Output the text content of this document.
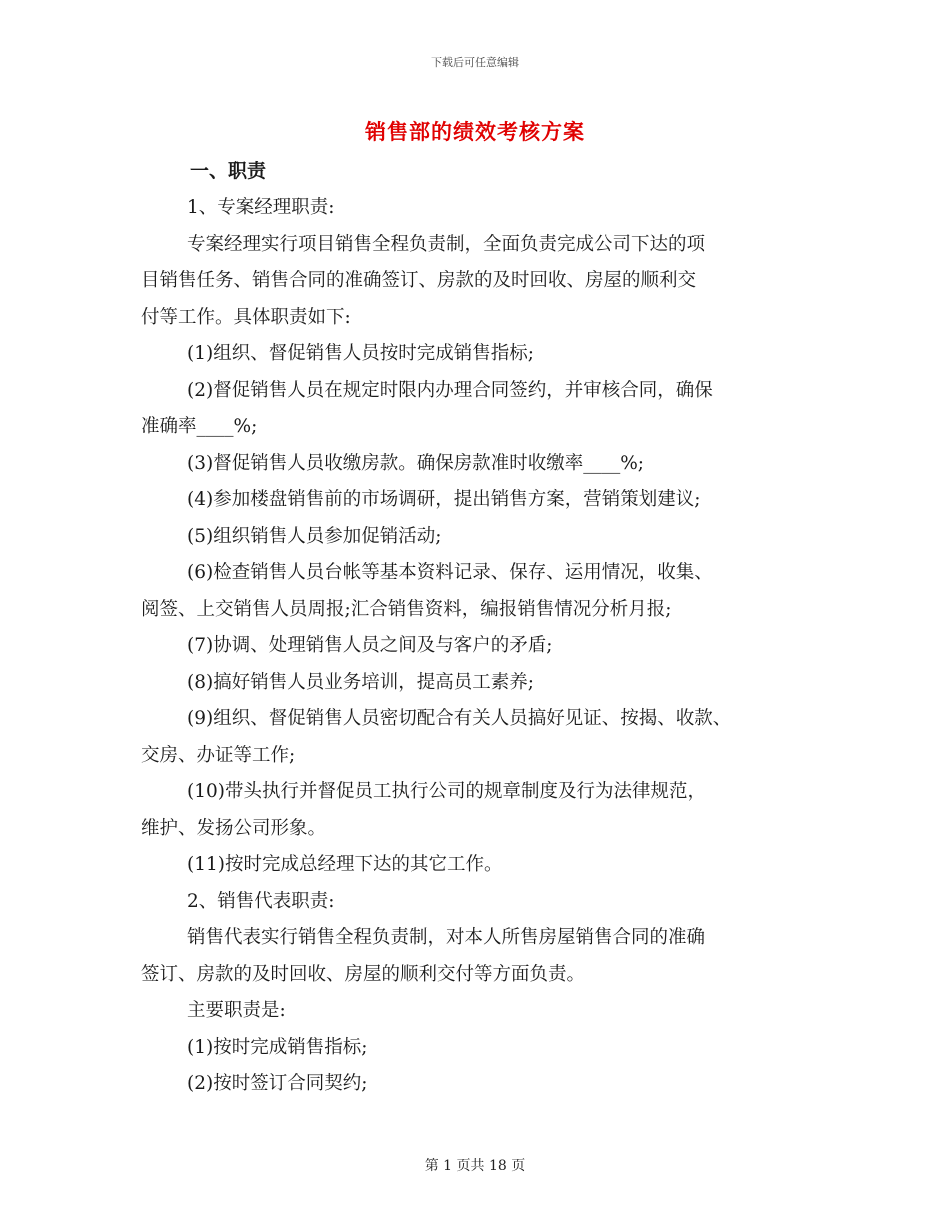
下载后可任意编辑
销售部的绩效考核方案
一、职责

1、专案经理职责:

专案经理实行项目销售全程负责制，全面负责完成公司下达的项

目销售任务、销售合同的准确签订、房款的及时回收、房屋的顺利交

付等工作。具体职责如下:

(1)组织、督促销售人员按时完成销售指标;

(2)督促销售人员在规定时限内办理合同签约，并审核合同，确保

准确率____%;

(3)督促销售人员收缴房款。确保房款准时收缴率____%;

(4)参加楼盘销售前的市场调研，提出销售方案，营销策划建议;

(5)组织销售人员参加促销活动;

(6)检查销售人员台帐等基本资料记录、保存、运用情况，收集、

阅签、上交销售人员周报;汇合销售资料，编报销售情况分析月报;

(7)协调、处理销售人员之间及与客户的矛盾;

(8)搞好销售人员业务培训，提高员工素养;

(9)组织、督促销售人员密切配合有关人员搞好见证、按揭、收款、

交房、办证等工作;

(10)带头执行并督促员工执行公司的规章制度及行为法律规范，

维护、发扬公司形象。

(11)按时完成总经理下达的其它工作。

2、销售代表职责:

销售代表实行销售全程负责制，对本人所售房屋销售合同的准确

签订、房款的及时回收、房屋的顺利交付等方面负责。

主要职责是:

(1)按时完成销售指标;

(2)按时签订合同契约;

第 1 页共 18 页
